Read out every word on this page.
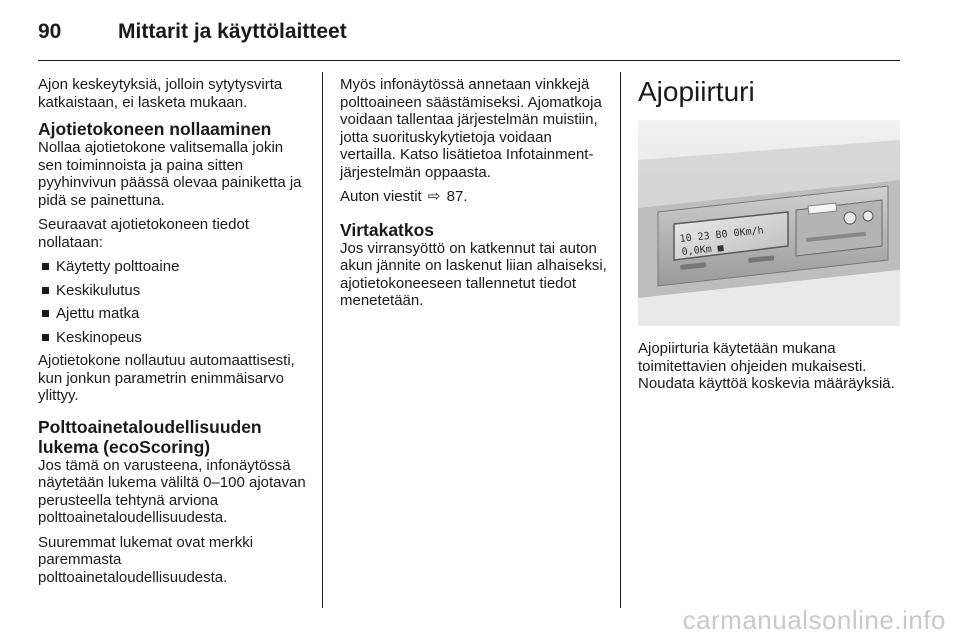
90	Mittarit ja käyttölaitteet

Ajon keskeytyksiä, jolloin sytytysvirta katkaistaan, ei lasketa mukaan.

Ajotietokoneen nollaaminen

Nollaa ajotietokone valitsemalla jokin sen toiminnoista ja paina sitten pyyhinvivun päässä olevaa painiketta ja pidä se painettuna.

Seuraavat ajotietokoneen tiedot nollataan:

Käytetty polttoaine
Keskikulutus
Ajettu matka
Keskinopeus

Ajotietokone nollautuu automaattisesti, kun jonkun parametrin enimmäisarvo ylittyy.

Polttoainetaloudellisuuden lukema (ecoScoring)

Jos tämä on varusteena, infonäytössä näytetään lukema väliltä 0–100 ajotavan perusteella tehtynä arviona polttoainetaloudellisuudesta.

Suuremmat lukemat ovat merkki paremmasta polttoainetaloudellisuudesta.

Myös infonäytössä annetaan vinkkejä polttoaineen säästämiseksi. Ajomatkoja voidaan tallentaa järjestelmän muistiin, jotta suorituskykytietoja voidaan vertailla. Katso lisätietoa Infotainment-järjestelmän oppaasta.

Auton viestit ⇨ 87.

Virtakatkos

Jos virransyöttö on katkennut tai auton akun jännite on laskenut liian alhaiseksi, ajotietokoneeseen tallennetut tiedot menetetään.

Ajopiirturi
10 23 B0 0Km/h
0,0Km ■

Ajopiirturia käytetään mukana toimitettavien ohjeiden mukaisesti. Noudata käyttöä koskevia määräyksiä.

carmanualsonline.info
